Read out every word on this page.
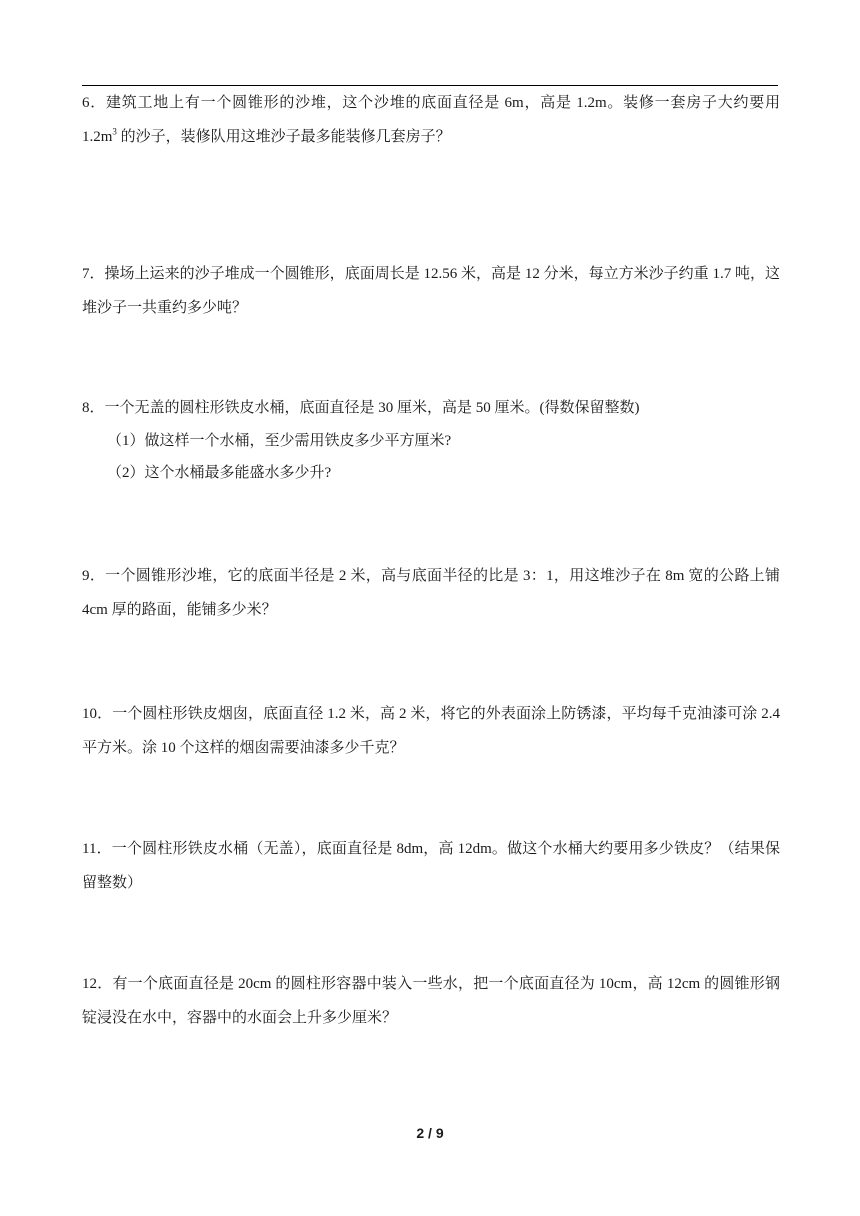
6．建筑工地上有一个圆锥形的沙堆，这个沙堆的底面直径是 6m，高是 1.2m。装修一套房子大约要用 $1.2m^3$ 的沙子，装修队用这堆沙子最多能装修几套房子？

7．操场上运来的沙子堆成一个圆锥形，底面周长是 12.56 米，高是 12 分米，每立方米沙子约重 1.7 吨，这堆沙子一共重约多少吨？

8．一个无盖的圆柱形铁皮水桶，底面直径是 30 厘米，高是 50 厘米。(得数保留整数)

（1）做这样一个水桶，至少需用铁皮多少平方厘米?

（2）这个水桶最多能盛水多少升?

9．一个圆锥形沙堆，它的底面半径是 2 米，高与底面半径的比是 3：1，用这堆沙子在 8m 宽的公路上铺 4cm 厚的路面，能铺多少米？

10．一个圆柱形铁皮烟囱，底面直径 1.2 米，高 2 米，将它的外表面涂上防锈漆，平均每千克油漆可涂 2.4 平方米。涂 10 个这样的烟囱需要油漆多少千克？

11．一个圆柱形铁皮水桶（无盖），底面直径是 8dm，高 12dm。做这个水桶大约要用多少铁皮？（结果保留整数）

12．有一个底面直径是 20cm 的圆柱形容器中装入一些水，把一个底面直径为 10cm，高 12cm 的圆锥形钢锭浸没在水中，容器中的水面会上升多少厘米？

2 / 9
